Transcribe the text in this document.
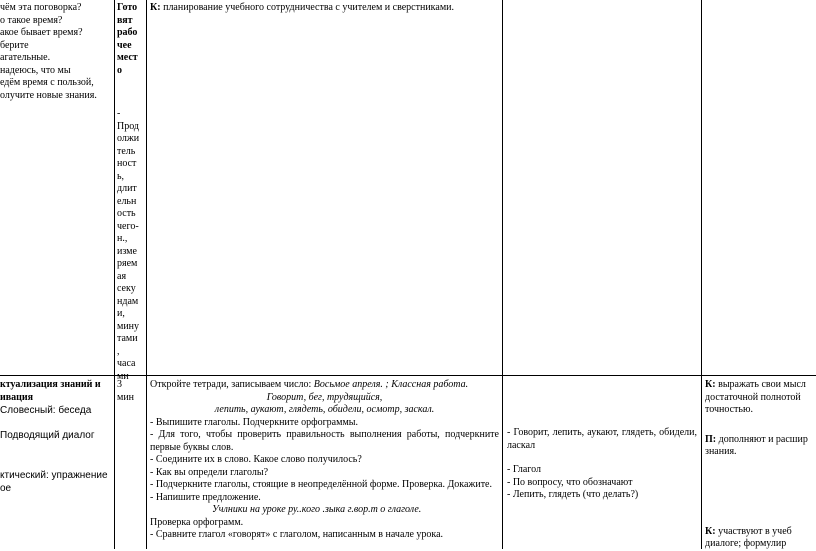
чём эта поговорка?
о такое время?
акое бывает время?
берите
агательные.
надеюсь, что мы
едём время с пользой,
олучите новые знания.
Гото
вят
рабо
чее
мест
о
-
Прод
олжи
тель
ност
ь,
длит
ельн
ость
чего-
н.,
изме
ряем
ая
секу
ндам
и,
мину
тами
,
часа
ми
К: планирование учебного сотрудничества с учителем и сверстниками.
ктуализация знаний и
ивация
Словесный: беседа
Подводящий диалог
ктический: упражнение
ое
3
мин
Откройте тетради, записываем число: Восьмое апреля. ; Классная работа.
Говорит, бег, трудящийся,
лепить, аукают, глядеть, обидели, осмотр, заскал.
- Выпишите глаголы. Подчеркните орфограммы.
- Для того, чтобы проверить правильность выполнения работы, подчеркните первые буквы слов.
- Соедините их в слово. Какое слово получилось?
- Как вы определи глаголы?
- Подчеркните глаголы, стоящие в неопределённой форме. Проверка. Докажите.
- Напишите предложение.
Учлники на уроке ру..кого .зыка г.вор.т о глаголе.
Проверка орфограмм.
- Сравните глагол «говорят» с глаголом, написанным в начале урока.
- Говорит, лепить, аукают, глядеть, обидели, ласкал
- Глагол
- По вопросу, что обозначают
- Лепить, глядеть (что делать?)
К: выражать свои мысл
достаточной полнотой
точностью.
П: дополняют и расшир
знания.
К: участвуют в учеб
диалоге; формулир
